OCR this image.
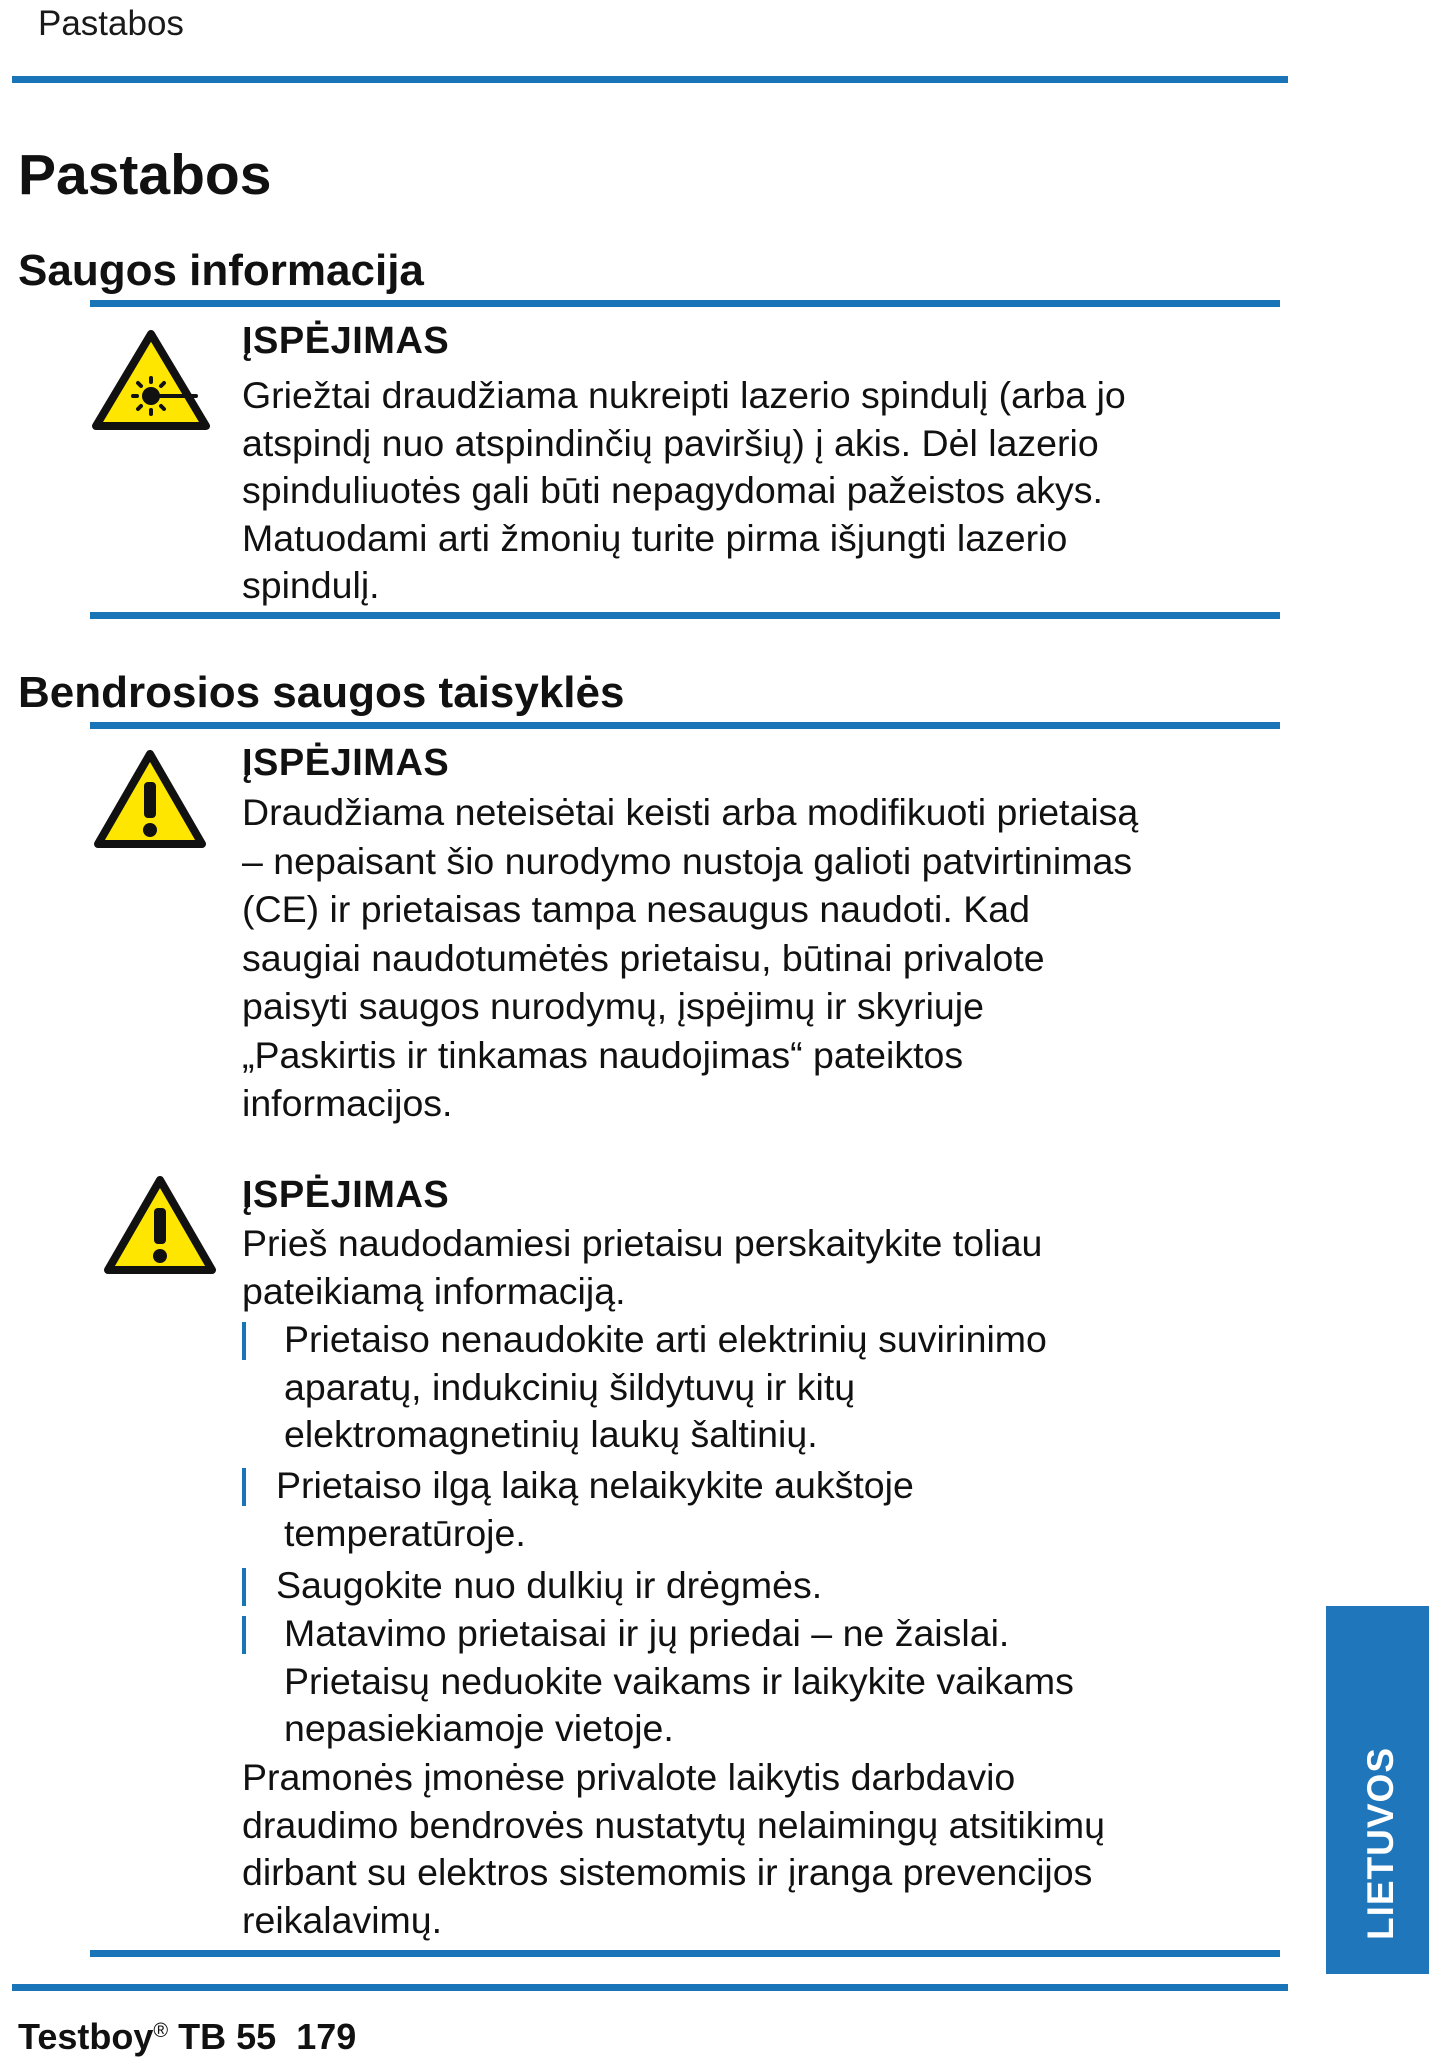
Pastabos
Pastabos
Saugos informacija
ĮSPĖJIMAS
Griežtai draudžiama nukreipti lazerio spindulį (arba jo
atspindį nuo atspindinčių paviršių) į akis. Dėl lazerio
spinduliuotės gali būti nepagydomai pažeistos akys.
Matuodami arti žmonių turite pirma išjungti lazerio
spindulį.
Bendrosios saugos taisyklės
ĮSPĖJIMAS
Draudžiama neteisėtai keisti arba modifikuoti prietaisą
– nepaisant šio nurodymo nustoja galioti patvirtinimas
(CE) ir prietaisas tampa nesaugus naudoti. Kad
saugiai naudotumėtės prietaisu, būtinai privalote
paisyti saugos nurodymų, įspėjimų ir skyriuje
„Paskirtis ir tinkamas naudojimas“ pateiktos
informacijos.
ĮSPĖJIMAS
Prieš naudodamiesi prietaisu perskaitykite toliau
pateikiamą informaciją.
Prietaiso nenaudokite arti elektrinių suvirinimo
aparatų, indukcinių šildytuvų ir kitų
elektromagnetinių laukų šaltinių.
Prietaiso ilgą laiką nelaikykite aukštoje
temperatūroje.
Saugokite nuo dulkių ir drėgmės.
Matavimo prietaisai ir jų priedai – ne žaislai.
Prietaisų neduokite vaikams ir laikykite vaikams
nepasiekiamoje vietoje.
Pramonės įmonėse privalote laikytis darbdavio
draudimo bendrovės nustatytų nelaimingų atsitikimų
dirbant su elektros sistemomis ir įranga prevencijos
reikalavimų.	LIETUVOS
Testboy® TB 55 179
